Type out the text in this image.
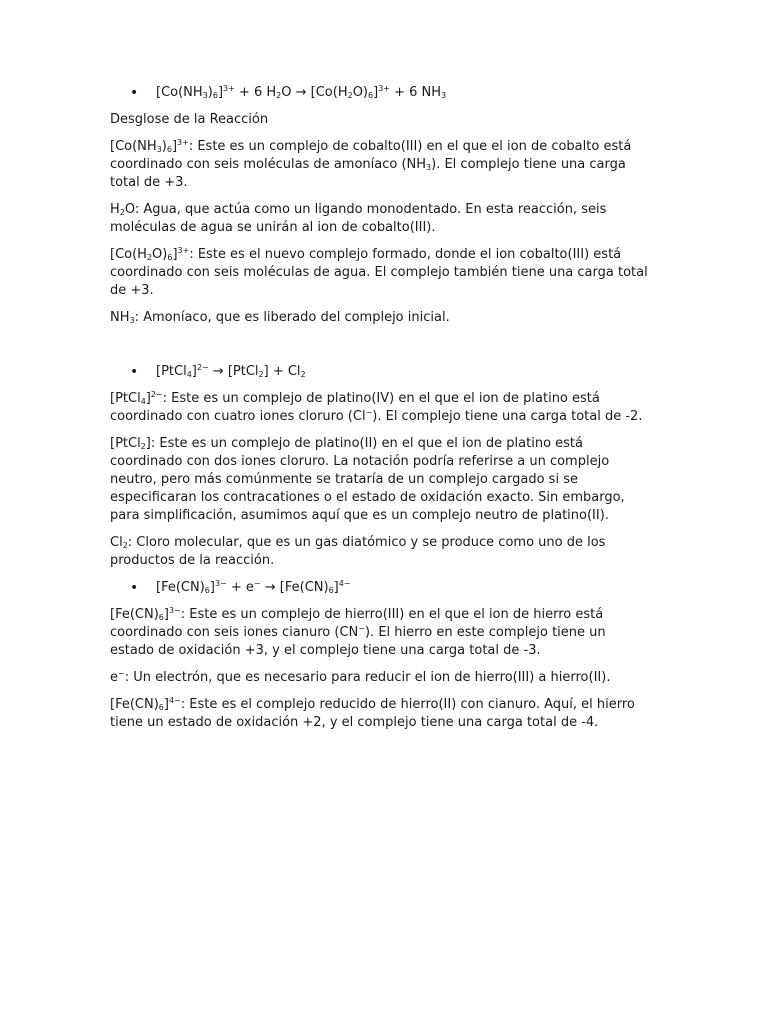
• $[Co(NH_3)_6]^{3+} + 6$ $H_2O \to [Co(H_2O)_6]^{3+} + 6$ $NH_3$

Desglose de la Reacción

$[Co(NH_3)_6]^{3+}$: Este es un complejo de cobalto(III) en el que el ion de cobalto está coordinado con seis moléculas de amoníaco $(NH_3)$. El complejo tiene una carga total de +3.

$H_2O$: Agua, que actúa como un ligando monodentado. En esta reacción, seis moléculas de agua se unirán al ion de cobalto(III).

$[Co(H_2O)_6]^{3+}$: Este es el nuevo complejo formado, donde el ion cobalto(III) está coordinado con seis moléculas de agua. El complejo también tiene una carga total de +3.

$NH_3$: Amoníaco, que es liberado del complejo inicial.

• [PtCl$_4$]$^{2-}$ → [PtCl$_2$] + $Cl_2$

[PtCl$_4$]$^{2-}$: Este es un complejo de platino(IV) en el que el ion de platino está coordinado con cuatro iones cloruro (Cl−). El complejo tiene una carga total de -2.

[PtCl$_2$]: Este es un complejo de platino(II) en el que el ion de platino está coordinado con dos iones cloruro. La notación podría referirse a un complejo neutro, pero más comúnmente se trataría de un complejo cargado si se especificaran los contracationes o el estado de oxidación exacto. Sin embargo, para simplificación, asumimos aquí que es un complejo neutro de platino(II).

$Cl_2$: Cloro molecular, que es un gas diatómico y se produce como uno de los productos de la reacción.

• $[Fe(CN)_6]^{3-} + e^- \to [Fe(CN)_6]^{4-}$

$[Fe(CN)_6]^{3-}$: Este es un complejo de hierro(III) en el que el ion de hierro está coordinado con seis iones cianuro (CN−). El hierro en este complejo tiene un estado de oxidación +3, y el complejo tiene una carga total de -3.

e−: Un electrón, que es necesario para reducir el ion de hierro(III) a hierro(II).

$[Fe(CN)_6]^{4-}$: Este es el complejo reducido de hierro(II) con cianuro. Aquí, el hierro tiene un estado de oxidación +2, y el complejo tiene una carga total de -4.
